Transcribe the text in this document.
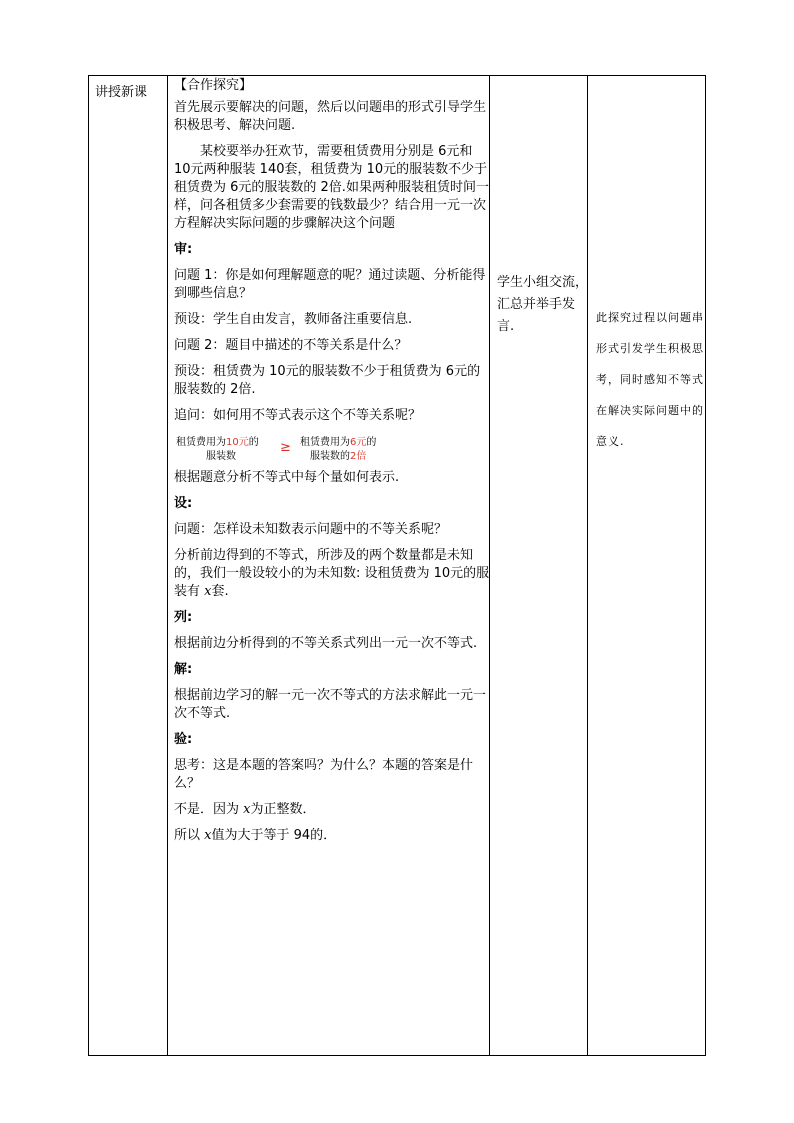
讲授新课 【合作探究】

首先展示要解决的问题，然后以问题串的形式引导学生积极思考、解决问题.

某校要举办狂欢节，需要租赁费用分别是 6元和 10元两种服装 140套，租赁费为 10元的服装数不少于租赁费为 6元的服装数的 2倍.如果两种服装租赁时间一样，问各租赁多少套需要的钱数最少？结合用一元一次方程解决实际问题的步骤解决这个问题

审:

问题 1：你是如何理解题意的呢？通过读题、分析能得到哪些信息？

预设：学生自由发言，教师备注重要信息.

问题 2：题目中描述的不等关系是什么？

预设：租赁费为 10元的服装数不少于租赁费为 6元的服装数的 2倍.

追问：如何用不等式表示这个不等关系呢？

租赁费用为10元的
服装数
≥ 租赁费用为6元的
服装数的2倍

根据题意分析不等式中每个量如何表示.

设:

问题：怎样设未知数表示问题中的不等关系呢？

分析前边得到的不等式，所涉及的两个数量都是未知的，我们一般设较小的为未知数: 设租赁费为 10元的服装有 x套.

列:

根据前边分析得到的不等关系式列出一元一次不等式.

解:

根据前边学习的解一元一次不等式的方法求解此一元一次不等式.

验:

思考：这是本题的答案吗？为什么？本题的答案是什么？

不是．因为 x为正整数．

所以 x值为大于等于 94的．

学生小组交流，汇总并举手发言.
此探究过程以问题串形式引发学生积极思考，同时感知不等式在解决实际问题中的意义.
